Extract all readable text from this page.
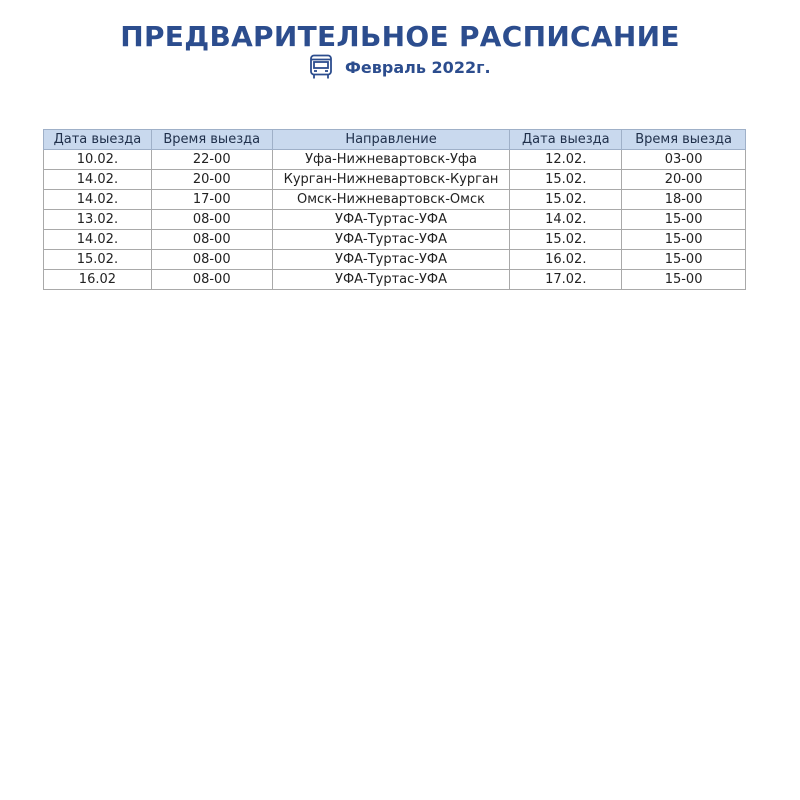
ПРЕДВАРИТЕЛЬНОЕ РАСПИСАНИЕ
Февраль 2022г.
Дата выезда	Время выезда	Направление	Дата выезда	Время выезда
10.02.	22-00	Уфа-Нижневартовск-Уфа	12.02.	03-00
14.02.	20-00	Курган-Нижневартовск-Курган	15.02.	20-00
14.02.	17-00	Омск-Нижневартовск-Омск	15.02.	18-00
13.02.	08-00	УФА-Туртас-УФА	14.02.	15-00
14.02.	08-00	УФА-Туртас-УФА	15.02.	15-00
15.02.	08-00	УФА-Туртас-УФА	16.02.	15-00
16.02	08-00	УФА-Туртас-УФА	17.02.	15-00
